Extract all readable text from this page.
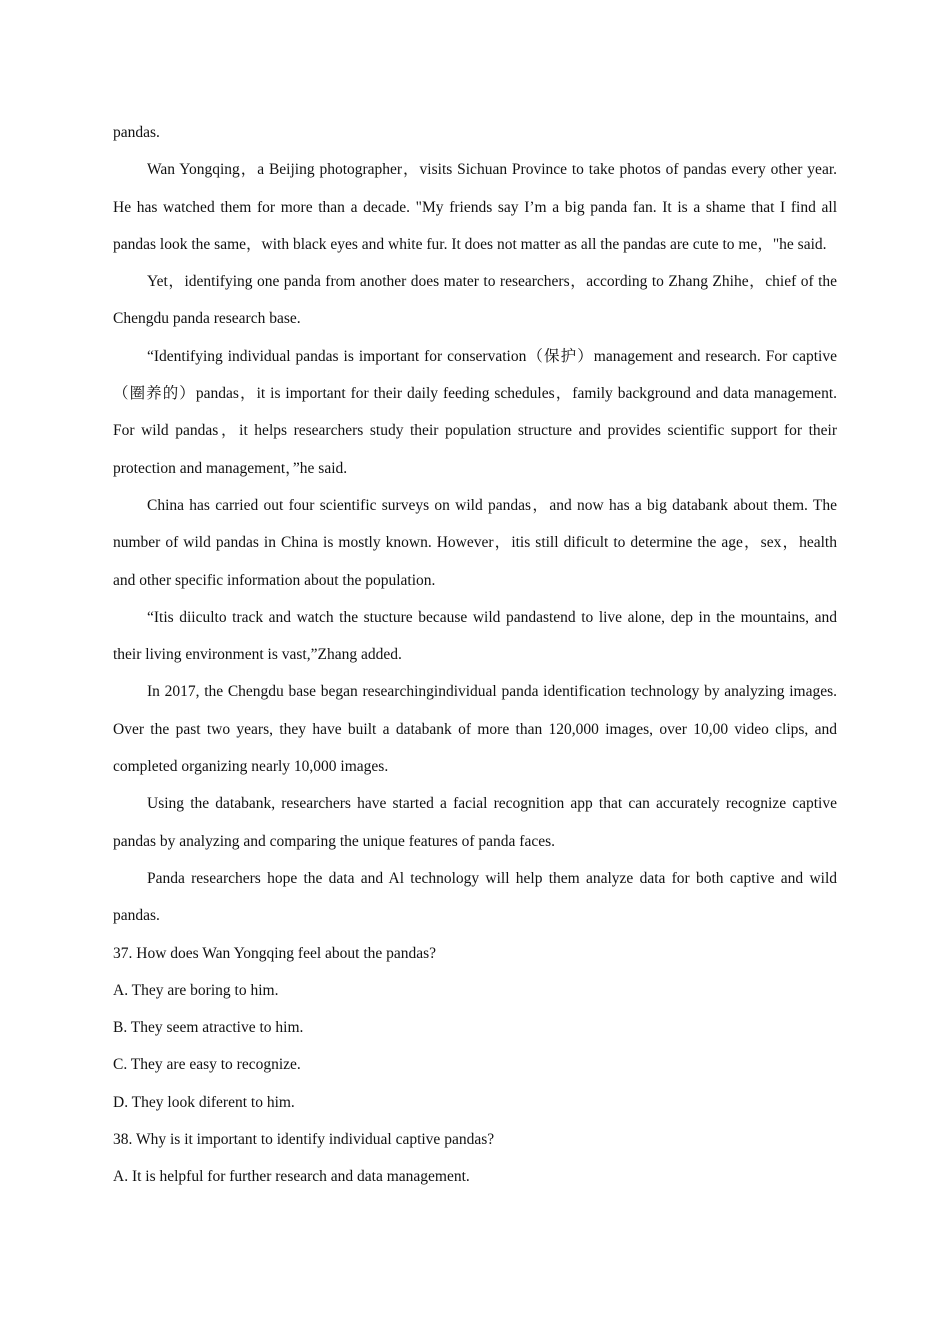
pandas.

Wan Yongqing，a Beijing photographer，visits Sichuan Province to take photos of pandas every other year. He has watched them for more than a decade. "My friends say I’m a big panda fan. It is a shame that I find all pandas look the same，with black eyes and white fur. It does not matter as all the pandas are cute to me，"he said.

Yet，identifying one panda from another does mater to researchers，according to Zhang Zhihe，chief of the Chengdu panda research base.

“Identifying individual pandas is important for conservation（保护）management and research. For captive（圈养的）pandas，it is important for their daily feeding schedules，family background and data management. For wild pandas，it helps researchers study their population structure and provides scientific support for their protection and management，”he said.

China has carried out four scientific surveys on wild pandas，and now has a big databank about them. The number of wild pandas in China is mostly known. However，itis still dificult to determine the age，sex，health and other specific information about the population.

“Itis diiculto track and watch the stucture because wild pandastend to live alone, dep in the mountains, and their living environment is vast,”Zhang added.

In 2017, the Chengdu base began researchingindividual panda identification technology by analyzing images. Over the past two years, they have built a databank of more than 120,000 images, over 10,00 video clips, and completed organizing nearly 10,000 images.

Using the databank, researchers have started a facial recognition app that can accurately recognize captive pandas by analyzing and comparing the unique features of panda faces.

Panda researchers hope the data and Al technology will help them analyze data for both captive and wild pandas.

37. How does Wan Yongqing feel about the pandas?

A. They are boring to him.

B. They seem atractive to him.

C. They are easy to recognize.

D. They look diferent to him.

38. Why is it important to identify individual captive pandas?

A. It is helpful for further research and data management.
